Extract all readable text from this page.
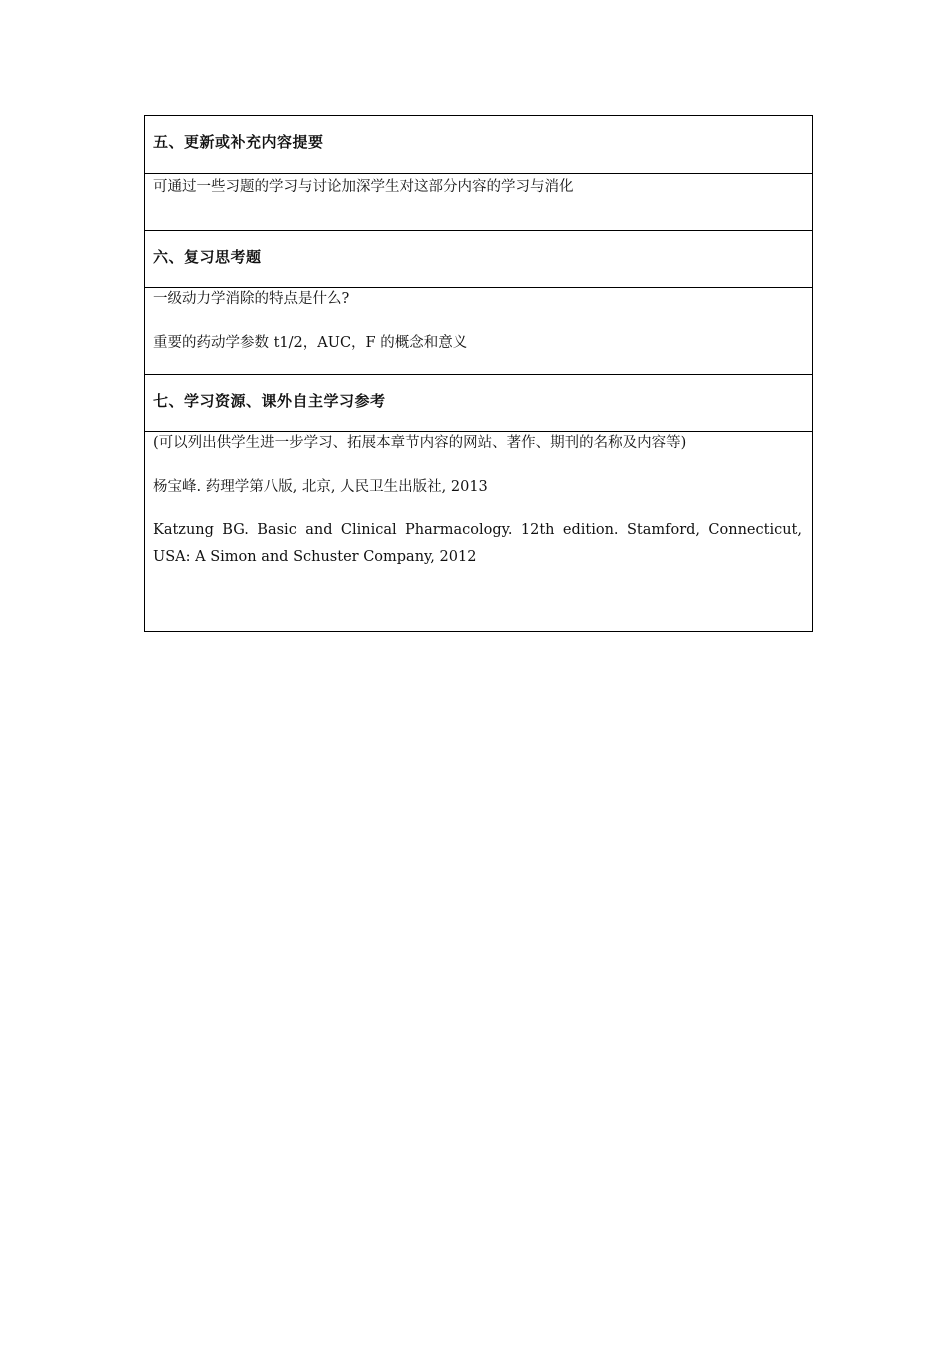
五、更新或补充内容提要

可通过一些习题的学习与讨论加深学生对这部分内容的学习与消化

六、复习思考题

一级动力学消除的特点是什么?

重要的药动学参数 t1/2，AUC，F 的概念和意义

七、学习资源、课外自主学习参考

(可以列出供学生进一步学习、拓展本章节内容的网站、著作、期刊的名称及内容等)

杨宝峰. 药理学第八版, 北京, 人民卫生出版社, 2013

Katzung BG. Basic and Clinical Pharmacology. 12th edition. Stamford, Connecticut, USA: A Simon and Schuster Company, 2012
